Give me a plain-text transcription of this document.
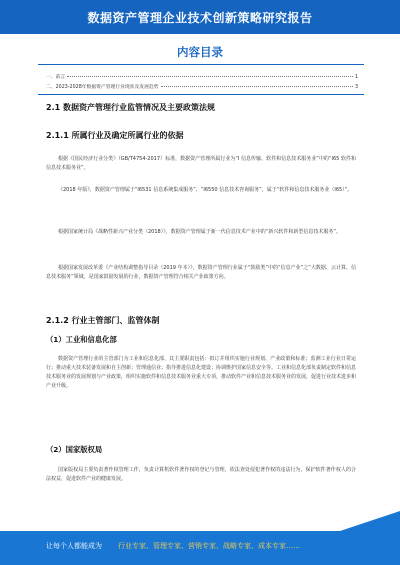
数据资产管理企业技术创新策略研究报告
内容目录
一、前言	1
二、2023-2028年数据资产管理行业现状及发展趋势	3
2.1 数据资产管理行业监管情况及主要政策法规
2.1.1 所属行业及确定所属行业的依据
根据《国民经济行业分类》（GB/T4754-2017）标准，数据资产管理所属行业为“I 信息传输、软件和信息技术服务业”中的“I65 软件和信息技术服务业”。
《2018 年版》，数据资产管理属于“I6531 信息系统集成服务”、“I6550 信息技术咨询服务”，属于“软件和信息技术服务业（I65）”。
根据国家统计局《战略性新兴产业分类（2018）》，数据资产管理属于新一代信息技术产业中的“新兴软件和新型信息技术服务”。
根据国家发展改革委《产业结构调整指导目录（2019 年本）》，数据资产管理行业属于“鼓励类”中的“信息产业”之“大数据、云计算、信息技术服务”领域，是国家鼓励发展的行业，数据资产管理符合相关产业政策方向。
2.1.2 行业主管部门、监管体制
（1）工业和信息化部
数据资产管理行业的主管部门为工业和信息化部，其主要职责包括：拟订并组织实施行业规划、产业政策和标准；监测工业行业日常运行；推动重大技术装备发展和自主创新；管理通信业；指导推进信息化建设；协调维护国家信息安全等。工业和信息化部负责制定软件和信息技术服务业的发展规划与产业政策，组织实施软件和信息技术服务业重大专项，推动软件产业和信息技术服务业的发展，促进行业技术进步和产业升级。
（2）国家版权局
国家版权局主要负责著作权管理工作，负责计算机软件著作权的登记与管理，依法查处侵犯著作权的违法行为，保护软件著作权人的合法权益，促进软件产业的健康发展。
让每个人都能成为 行业专家、管理专家、营销专家、战略专家、成本专家……
